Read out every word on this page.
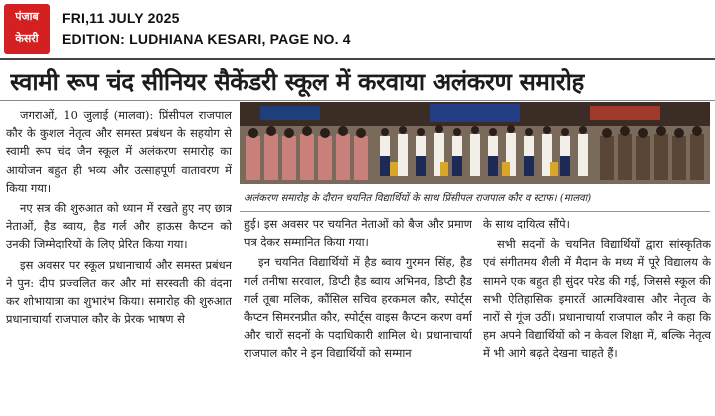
पंजाब
केसरी
FRI,11 JULY 2025
EDITION: LUDHIANA KESARI, PAGE NO. 4
स्वामी रूप चंद सीनियर सैकेंडरी स्कूल में करवाया अलंकरण समारोह

जगराओं, 10 जुलाई (मालवा): प्रिंसीपल राजपाल कौर के कुशल नेतृत्व और समस्त प्रबंधन के सहयोग से स्वामी रूप चंद जैन स्कूल में अलंकरण समारोह का आयोजन बहुत ही भव्य और उत्साहपूर्ण वातावरण में किया गया।

नए सत्र की शुरुआत को ध्यान में रखते हुए नए छात्र नेताओं, हैड ब्वाय, हैड गर्ल और हाऊस कैप्टन को उनकी जिम्मेदारियों के लिए प्रेरित किया गया।

इस अवसर पर स्कूल प्रधानाचार्य और समस्त प्रबंधन ने पुन: दीप प्रज्वलित कर और मां सरस्वती की वंदना कर शोभायात्रा का शुभारंभ किया। समारोह की शुरुआत प्रधानाचार्या राजपाल कौर के प्रेरक भाषण से

अलंकरण समारोह के दौरान चयनित विद्यार्थियों के साथ प्रिंसीपल राजपाल कौर व स्टाफ। (मालवा)

हुई। इस अवसर पर चयनित नेताओं को बैज और प्रमाण पत्र देकर सम्मानित किया गया।

इन चयनित विद्यार्थियों में हैड ब्वाय गुरमन सिंह, हैड गर्ल तनीषा सरवाल, डिप्टी हैड ब्वाय अभिनव, डिप्टी हैड गर्ल तूबा मलिक, कौंसिल सचिव हरकमल कौर, स्पोर्ट्स कैप्टन सिमरनप्रीत कौर, स्पोर्ट्स वाइस कैप्टन करण वर्मा और चारों सदनों के पदाधिकारी शामिल थे। प्रधानाचार्या राजपाल कौर ने इन विद्यार्थियों को सम्मान

के साथ दायित्व सौंपे।

सभी सदनों के चयनित विद्यार्थियों द्वारा सांस्कृतिक एवं संगीतमय शैली में मैदान के मध्य में पूरे विद्यालय के सामने एक बहुत ही सुंदर परेड की गई, जिससे स्कूल की सभी ऐतिहासिक इमारतें आत्मविश्वास और नेतृत्व के नारों से गूंज उठीं। प्रधानाचार्या राजपाल कौर ने कहा कि हम अपने विद्यार्थियों को न केवल शिक्षा में, बल्कि नेतृत्व में भी आगे बढ़ते देखना चाहते हैं।
